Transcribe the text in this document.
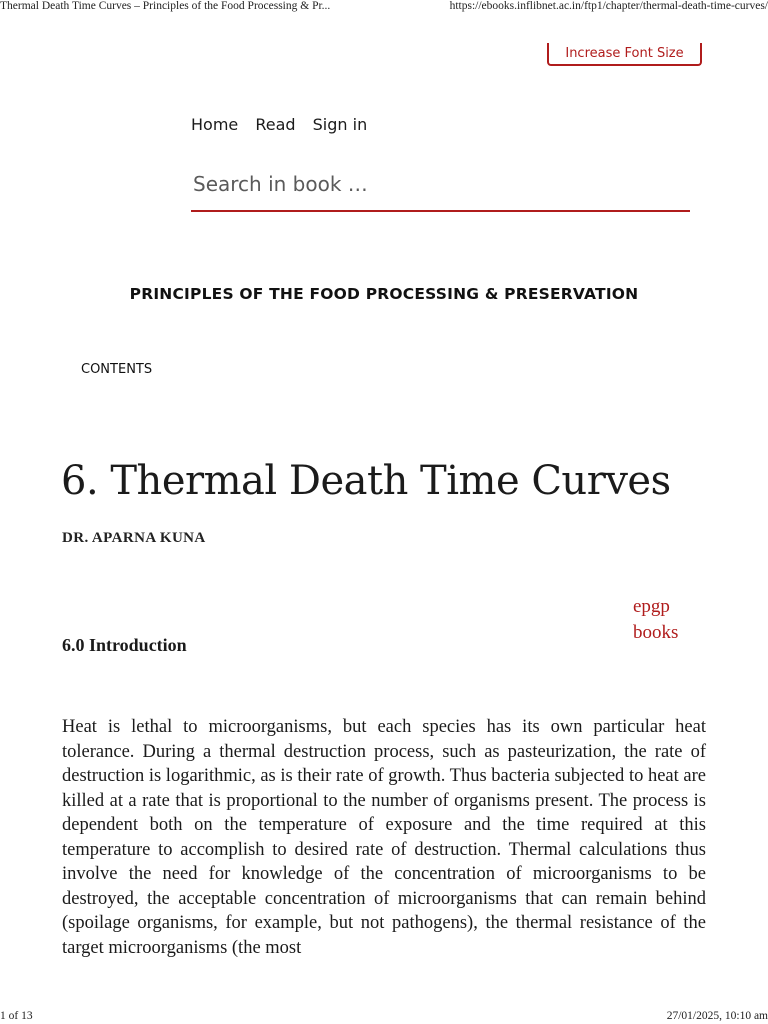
Thermal Death Time Curves – Principles of the Food Processing & Pr...	https://ebooks.inflibnet.ac.in/ftp1/chapter/thermal-death-time-curves/
Increase Font Size
Home Read Sign in
Search in book …
PRINCIPLES OF THE FOOD PROCESSING & PRESERVATION
CONTENTS
6. Thermal Death Time Curves
DR. APARNA KUNA
epgp
books
6.0 Introduction

Heat is lethal to microorganisms, but each species has its own particular heat tolerance. During a thermal destruction process, such as pasteurization, the rate of destruction is logarithmic, as is their rate of growth. Thus bacteria subjected to heat are killed at a rate that is proportional to the number of organisms present. The process is dependent both on the temperature of exposure and the time required at this temperature to accomplish to desired rate of destruction. Thermal calculations thus involve the need for knowledge of the concentration of microorganisms to be destroyed, the acceptable concentration of microorganisms that can remain behind (spoilage organisms, for example, but not pathogens), the thermal resistance of the target microorganisms (the most

1 of 13	27/01/2025, 10:10 am
